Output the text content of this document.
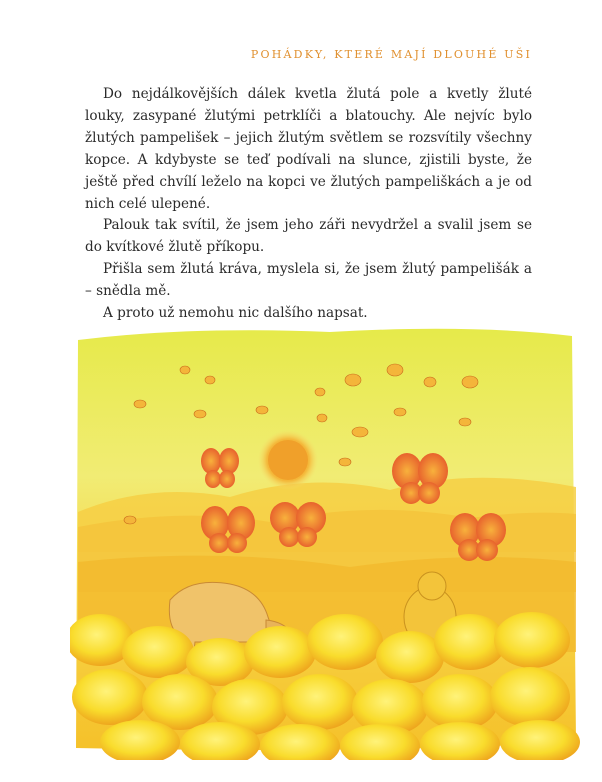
POHÁDKY, KTERÉ MAJÍ DLOUHÉ UŠI

Do nejdálkovějších dálek kvetla žlutá pole a kvetly žluté louky, zasypané žlutými petrklíči a blatouchy. Ale nejvíc bylo žlutých pampelišek – jejich žlutým světlem se rozsvítily všechny kopce. A kdybyste se teď podívali na slunce, zjistili byste, že ještě před chvílí leželo na kopci ve žlutých pampeliškách a je od nich celé ulepené.

Palouk tak svítil, že jsem jeho záři nevydržel a svalil jsem se do kvítkové žlutě příkopu.

Přišla sem žlutá kráva, myslela si, že jsem žlutý pampelišák a – snědla mě.

A proto už nemohu nic dalšího napsat.
